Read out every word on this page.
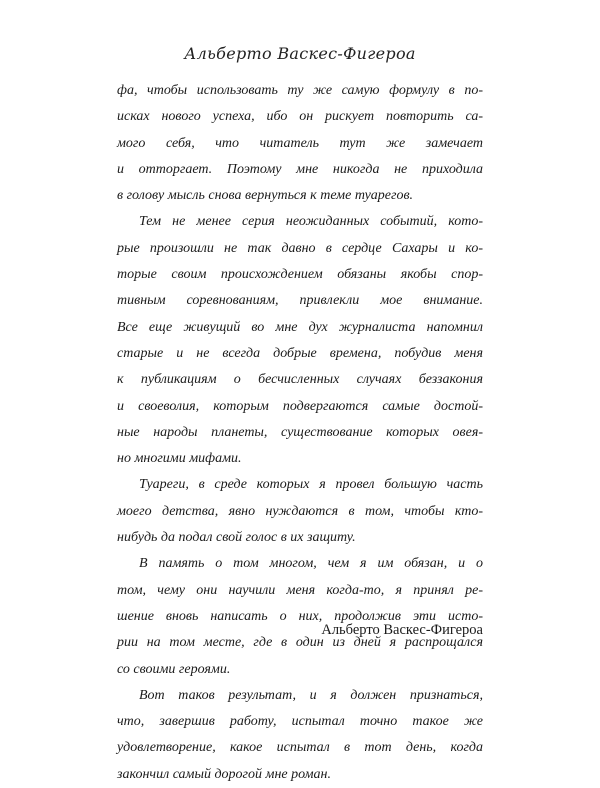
Альберто Васкес-Фигероа

фа, чтобы использовать ту же самую формулу в по-
исках нового успеха, ибо он рискует повторить са-
мого себя, что читатель тут же замечает
и отторгает. Поэтому мне никогда не приходила
в голову мысль снова вернуться к теме туарегов.

Тем не менее серия неожиданных событий, кото-
рые произошли не так давно в сердце Сахары и ко-
торые своим происхождением обязаны якобы спор-
тивным соревнованиям, привлекли мое внимание.
Все еще живущий во мне дух журналиста напомнил
старые и не всегда добрые времена, побудив меня
к публикациям о бесчисленных случаях беззакония
и своеволия, которым подвергаются самые достой-
ные народы планеты, существование которых овея-
но многими мифами.

Туареги, в среде которых я провел большую часть
моего детства, явно нуждаются в том, чтобы кто-
нибудь да подал свой голос в их защиту.

В память о том многом, чем я им обязан, и о
том, чему они научили меня когда-то, я принял ре-
шение вновь написать о них, продолжив эти исто-
рии на том месте, где в один из дней я распрощался
со своими героями.

Вот таков результат, и я должен признаться,
что, завершив работу, испытал точно такое же
удовлетворение, какое испытал в тот день, когда
закончил самый дорогой мне роман.

Альберто Васкес-Фигероа
